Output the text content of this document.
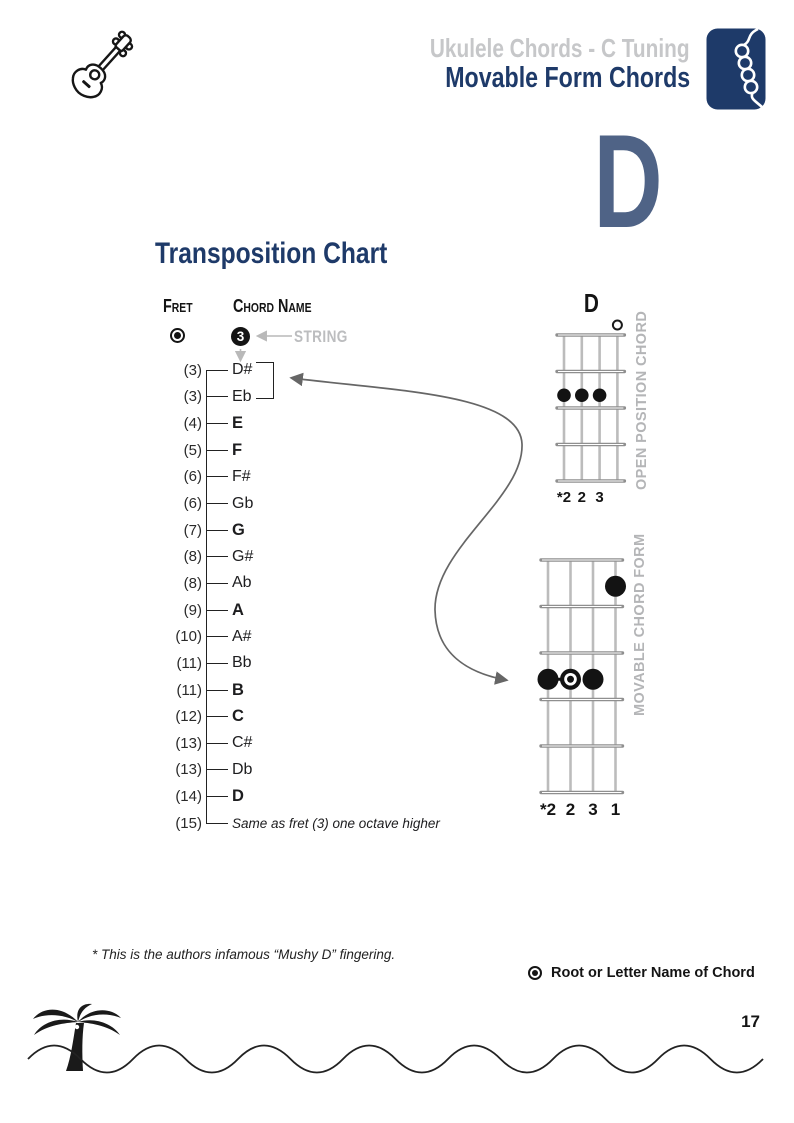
Ukulele Chords - C Tuning
Movable Form Chords
D
Transposition Chart
Fret	Chord Name
3	STRING
(3) D#
(3) Eb
(4) E
(5) F
(6) F#
(6) Gb
(7) G
(8) G#
(8) Ab
(9) A
(10) A#
(11) Bb
(11) B
(12) C
(13) C#
(13) Db
(14) D
(15) Same as fret (3) one octave higher
D
*2 2 3
OPEN POSITION CHORD
*2 2 3 1
MOVABLE CHORD FORM
* This is the authors infamous “Mushy D” fingering.
Root or Letter Name of Chord
17
